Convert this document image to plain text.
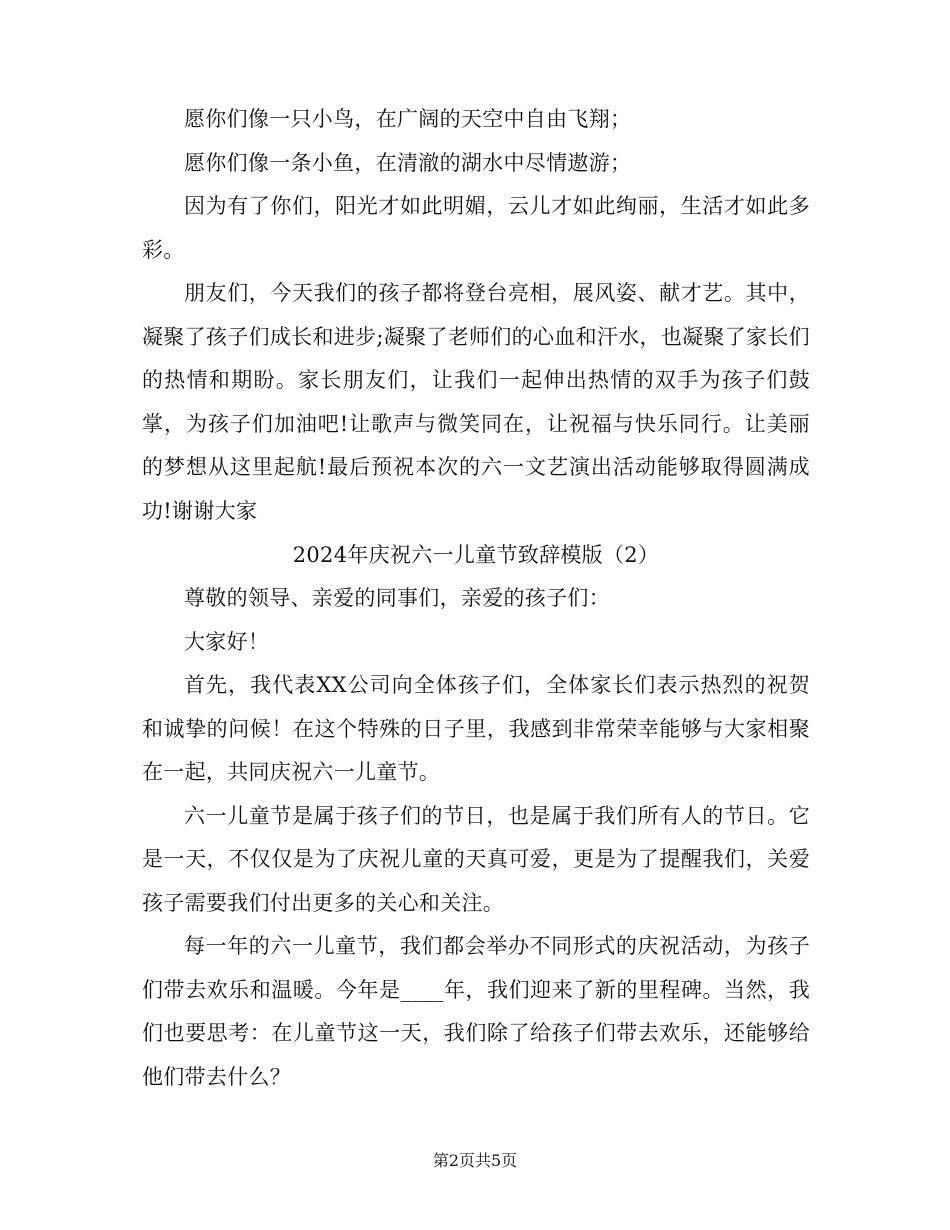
愿你们像一只小鸟，在广阔的天空中自由飞翔；

愿你们像一条小鱼，在清澈的湖水中尽情遨游；

因为有了你们，阳光才如此明媚，云儿才如此绚丽，生活才如此多彩。

朋友们，今天我们的孩子都将登台亮相，展风姿、献才艺。其中，凝聚了孩子们成长和进步;凝聚了老师们的心血和汗水，也凝聚了家长们的热情和期盼。家长朋友们，让我们一起伸出热情的双手为孩子们鼓掌，为孩子们加油吧!让歌声与微笑同在，让祝福与快乐同行。让美丽的梦想从这里起航!最后预祝本次的六一文艺演出活动能够取得圆满成功!谢谢大家

2024年庆祝六一儿童节致辞模版（2）

尊敬的领导、亲爱的同事们，亲爱的孩子们：

大家好！

首先，我代表XX公司向全体孩子们，全体家长们表示热烈的祝贺和诚挚的问候！在这个特殊的日子里，我感到非常荣幸能够与大家相聚在一起，共同庆祝六一儿童节。

六一儿童节是属于孩子们的节日，也是属于我们所有人的节日。它是一天，不仅仅是为了庆祝儿童的天真可爱，更是为了提醒我们，关爱孩子需要我们付出更多的关心和关注。

每一年的六一儿童节，我们都会举办不同形式的庆祝活动，为孩子们带去欢乐和温暖。今年是____年，我们迎来了新的里程碑。当然，我们也要思考：在儿童节这一天，我们除了给孩子们带去欢乐，还能够给他们带去什么？

第2页共5页
